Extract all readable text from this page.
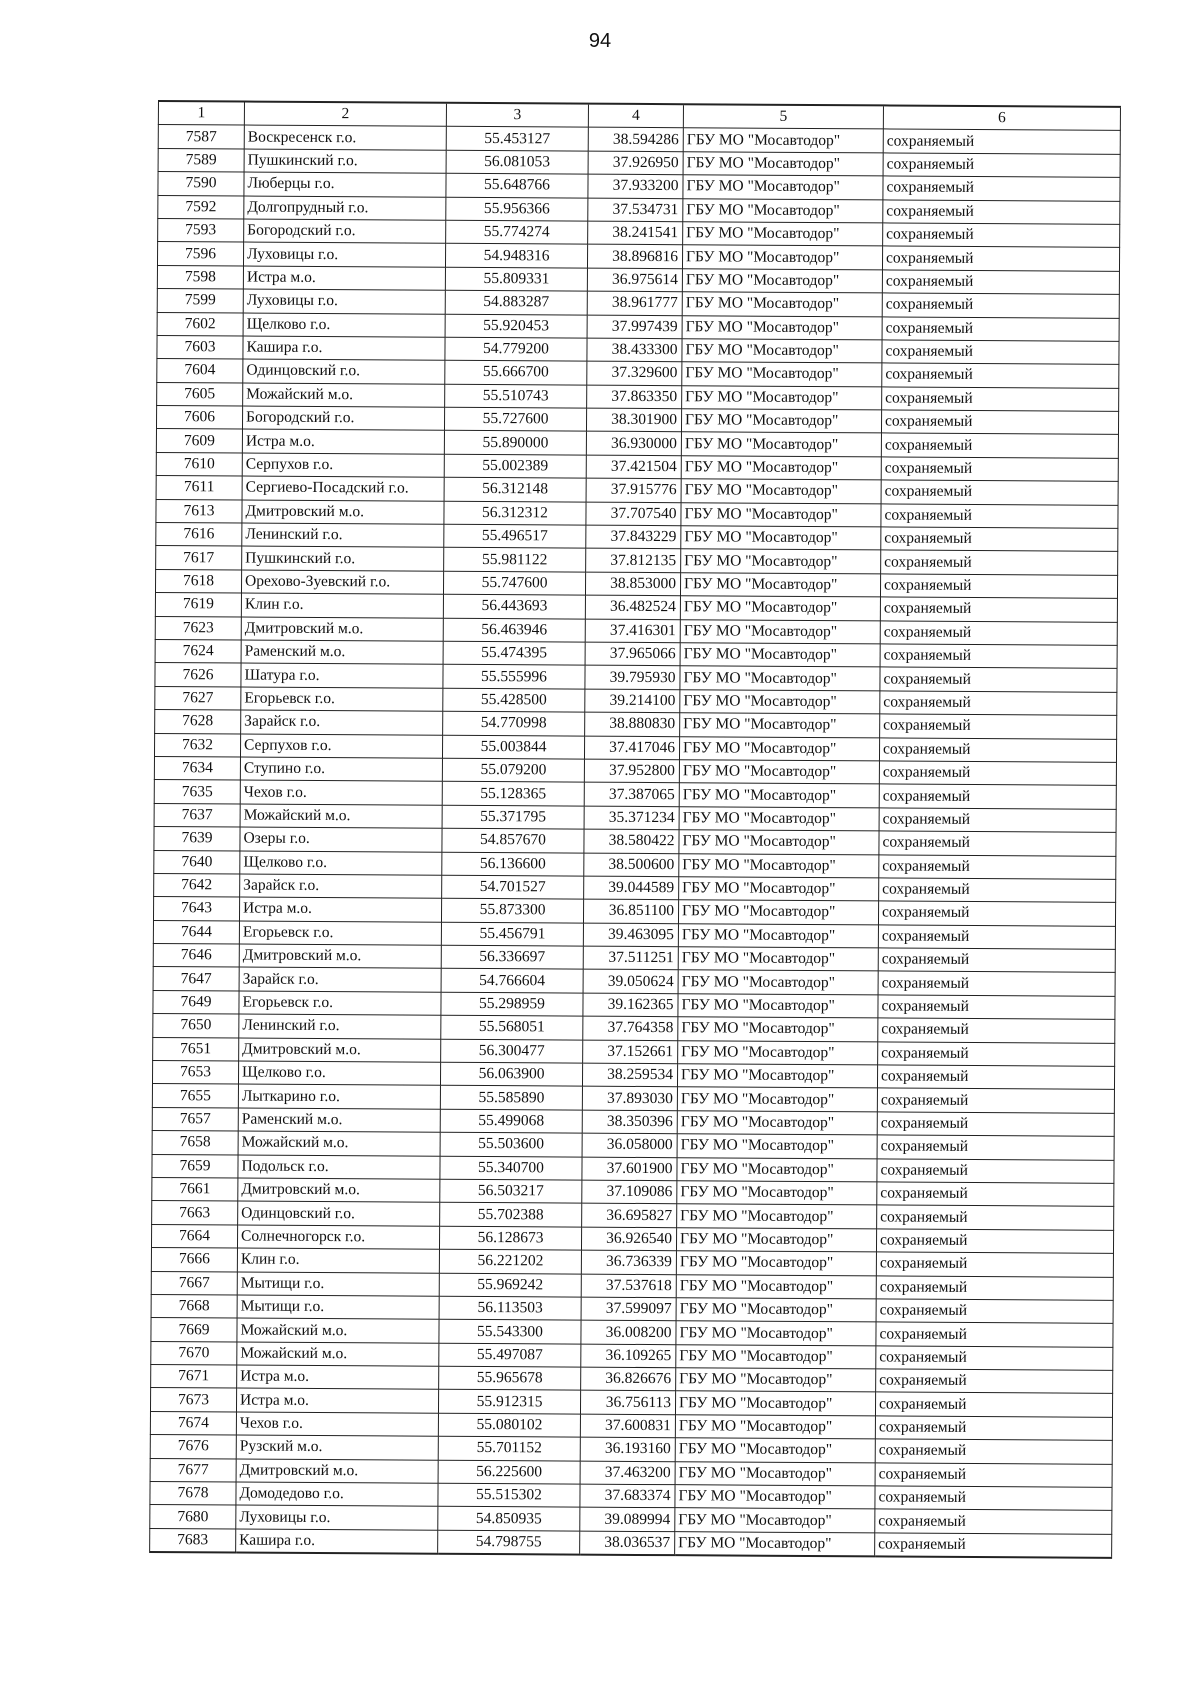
94
1	2	3	4	5	6
7587	Воскресенск г.о.	55.453127	38.594286	ГБУ МО "Мосавтодор"	сохраняемый
7589	Пушкинский г.о.	56.081053	37.926950	ГБУ МО "Мосавтодор"	сохраняемый
7590	Люберцы г.о.	55.648766	37.933200	ГБУ МО "Мосавтодор"	сохраняемый
7592	Долгопрудный г.о.	55.956366	37.534731	ГБУ МО "Мосавтодор"	сохраняемый
7593	Богородский г.о.	55.774274	38.241541	ГБУ МО "Мосавтодор"	сохраняемый
7596	Луховицы г.о.	54.948316	38.896816	ГБУ МО "Мосавтодор"	сохраняемый
7598	Истра м.о.	55.809331	36.975614	ГБУ МО "Мосавтодор"	сохраняемый
7599	Луховицы г.о.	54.883287	38.961777	ГБУ МО "Мосавтодор"	сохраняемый
7602	Щелково г.о.	55.920453	37.997439	ГБУ МО "Мосавтодор"	сохраняемый
7603	Кашира г.о.	54.779200	38.433300	ГБУ МО "Мосавтодор"	сохраняемый
7604	Одинцовский г.о.	55.666700	37.329600	ГБУ МО "Мосавтодор"	сохраняемый
7605	Можайский м.о.	55.510743	37.863350	ГБУ МО "Мосавтодор"	сохраняемый
7606	Богородский г.о.	55.727600	38.301900	ГБУ МО "Мосавтодор"	сохраняемый
7609	Истра м.о.	55.890000	36.930000	ГБУ МО "Мосавтодор"	сохраняемый
7610	Серпухов г.о.	55.002389	37.421504	ГБУ МО "Мосавтодор"	сохраняемый
7611	Сергиево-Посадский г.о.	56.312148	37.915776	ГБУ МО "Мосавтодор"	сохраняемый
7613	Дмитровский м.о.	56.312312	37.707540	ГБУ МО "Мосавтодор"	сохраняемый
7616	Ленинский г.о.	55.496517	37.843229	ГБУ МО "Мосавтодор"	сохраняемый
7617	Пушкинский г.о.	55.981122	37.812135	ГБУ МО "Мосавтодор"	сохраняемый
7618	Орехово-Зуевский г.о.	55.747600	38.853000	ГБУ МО "Мосавтодор"	сохраняемый
7619	Клин г.о.	56.443693	36.482524	ГБУ МО "Мосавтодор"	сохраняемый
7623	Дмитровский м.о.	56.463946	37.416301	ГБУ МО "Мосавтодор"	сохраняемый
7624	Раменский м.о.	55.474395	37.965066	ГБУ МО "Мосавтодор"	сохраняемый
7626	Шатура г.о.	55.555996	39.795930	ГБУ МО "Мосавтодор"	сохраняемый
7627	Егорьевск г.о.	55.428500	39.214100	ГБУ МО "Мосавтодор"	сохраняемый
7628	Зарайск г.о.	54.770998	38.880830	ГБУ МО "Мосавтодор"	сохраняемый
7632	Серпухов г.о.	55.003844	37.417046	ГБУ МО "Мосавтодор"	сохраняемый
7634	Ступино г.о.	55.079200	37.952800	ГБУ МО "Мосавтодор"	сохраняемый
7635	Чехов г.о.	55.128365	37.387065	ГБУ МО "Мосавтодор"	сохраняемый
7637	Можайский м.о.	55.371795	35.371234	ГБУ МО "Мосавтодор"	сохраняемый
7639	Озеры г.о.	54.857670	38.580422	ГБУ МО "Мосавтодор"	сохраняемый
7640	Щелково г.о.	56.136600	38.500600	ГБУ МО "Мосавтодор"	сохраняемый
7642	Зарайск г.о.	54.701527	39.044589	ГБУ МО "Мосавтодор"	сохраняемый
7643	Истра м.о.	55.873300	36.851100	ГБУ МО "Мосавтодор"	сохраняемый
7644	Егорьевск г.о.	55.456791	39.463095	ГБУ МО "Мосавтодор"	сохраняемый
7646	Дмитровский м.о.	56.336697	37.511251	ГБУ МО "Мосавтодор"	сохраняемый
7647	Зарайск г.о.	54.766604	39.050624	ГБУ МО "Мосавтодор"	сохраняемый
7649	Егорьевск г.о.	55.298959	39.162365	ГБУ МО "Мосавтодор"	сохраняемый
7650	Ленинский г.о.	55.568051	37.764358	ГБУ МО "Мосавтодор"	сохраняемый
7651	Дмитровский м.о.	56.300477	37.152661	ГБУ МО "Мосавтодор"	сохраняемый
7653	Щелково г.о.	56.063900	38.259534	ГБУ МО "Мосавтодор"	сохраняемый
7655	Лыткарино г.о.	55.585890	37.893030	ГБУ МО "Мосавтодор"	сохраняемый
7657	Раменский м.о.	55.499068	38.350396	ГБУ МО "Мосавтодор"	сохраняемый
7658	Можайский м.о.	55.503600	36.058000	ГБУ МО "Мосавтодор"	сохраняемый
7659	Подольск г.о.	55.340700	37.601900	ГБУ МО "Мосавтодор"	сохраняемый
7661	Дмитровский м.о.	56.503217	37.109086	ГБУ МО "Мосавтодор"	сохраняемый
7663	Одинцовский г.о.	55.702388	36.695827	ГБУ МО "Мосавтодор"	сохраняемый
7664	Солнечногорск г.о.	56.128673	36.926540	ГБУ МО "Мосавтодор"	сохраняемый
7666	Клин г.о.	56.221202	36.736339	ГБУ МО "Мосавтодор"	сохраняемый
7667	Мытищи г.о.	55.969242	37.537618	ГБУ МО "Мосавтодор"	сохраняемый
7668	Мытищи г.о.	56.113503	37.599097	ГБУ МО "Мосавтодор"	сохраняемый
7669	Можайский м.о.	55.543300	36.008200	ГБУ МО "Мосавтодор"	сохраняемый
7670	Можайский м.о.	55.497087	36.109265	ГБУ МО "Мосавтодор"	сохраняемый
7671	Истра м.о.	55.965678	36.826676	ГБУ МО "Мосавтодор"	сохраняемый
7673	Истра м.о.	55.912315	36.756113	ГБУ МО "Мосавтодор"	сохраняемый
7674	Чехов г.о.	55.080102	37.600831	ГБУ МО "Мосавтодор"	сохраняемый
7676	Рузский м.о.	55.701152	36.193160	ГБУ МО "Мосавтодор"	сохраняемый
7677	Дмитровский м.о.	56.225600	37.463200	ГБУ МО "Мосавтодор"	сохраняемый
7678	Домодедово г.о.	55.515302	37.683374	ГБУ МО "Мосавтодор"	сохраняемый
7680	Луховицы г.о.	54.850935	39.089994	ГБУ МО "Мосавтодор"	сохраняемый
7683	Кашира г.о.	54.798755	38.036537	ГБУ МО "Мосавтодор"	сохраняемый
